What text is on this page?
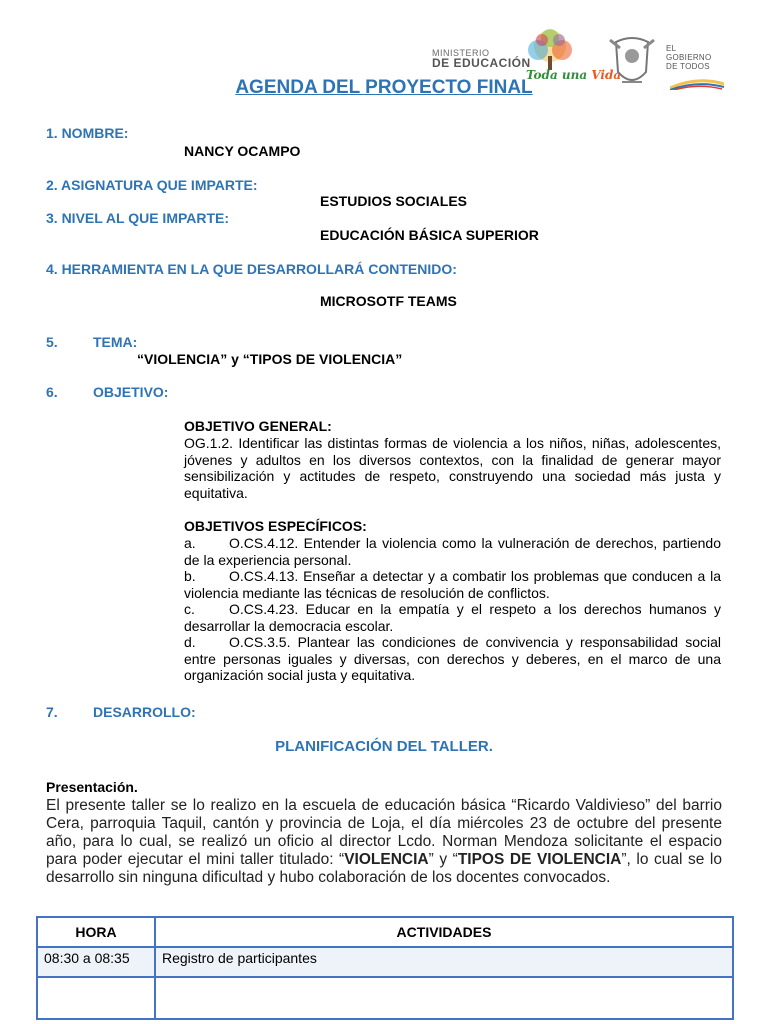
MINISTERIO
DE EDUCACIÓN
Toda una Vida
EL
GOBIERNO
DE TODOS
AGENDA DEL PROYECTO FINAL
1. NOMBRE:
NANCY OCAMPO
2. ASIGNATURA QUE IMPARTE:
ESTUDIOS SOCIALES
3. NIVEL AL QUE IMPARTE:
EDUCACIÓN BÁSICA SUPERIOR
4. HERRAMIENTA EN LA QUE DESARROLLARÁ CONTENIDO:
MICROSOTF TEAMS
5.	TEMA:
“VIOLENCIA” y “TIPOS DE VIOLENCIA”
6.	OBJETIVO:
OBJETIVO GENERAL:
OG.1.2. Identificar las distintas formas de violencia a los niños, niñas, adolescentes, jóvenes y adultos en los diversos contextos, con la finalidad de generar mayor sensibilización y actitudes de respeto, construyendo una sociedad más justa y equitativa.
OBJETIVOS ESPECÍFICOS:
a. O.CS.4.12. Entender la violencia como la vulneración de derechos, partiendo de la experiencia personal.
b. O.CS.4.13. Enseñar a detectar y a combatir los problemas que conducen a la violencia mediante las técnicas de resolución de conflictos.
c. O.CS.4.23. Educar en la empatía y el respeto a los derechos humanos y desarrollar la democracia escolar.
d. O.CS.3.5. Plantear las condiciones de convivencia y responsabilidad social entre personas iguales y diversas, con derechos y deberes, en el marco de una organización social justa y equitativa.
7.	DESARROLLO:
PLANIFICACIÓN DEL TALLER.
Presentación.
El presente taller se lo realizo en la escuela de educación básica “Ricardo Valdivieso” del barrio Cera, parroquia Taquil, cantón y provincia de Loja, el día miércoles 23 de octubre del presente año, para lo cual, se realizó un oficio al director Lcdo. Norman Mendoza solicitante el espacio para poder ejecutar el mini taller titulado: “VIOLENCIA” y “TIPOS DE VIOLENCIA”, lo cual se lo desarrollo sin ninguna dificultad y hubo colaboración de los docentes convocados.
HORA	ACTIVIDADES
08:30 a 08:35	Registro de participantes
